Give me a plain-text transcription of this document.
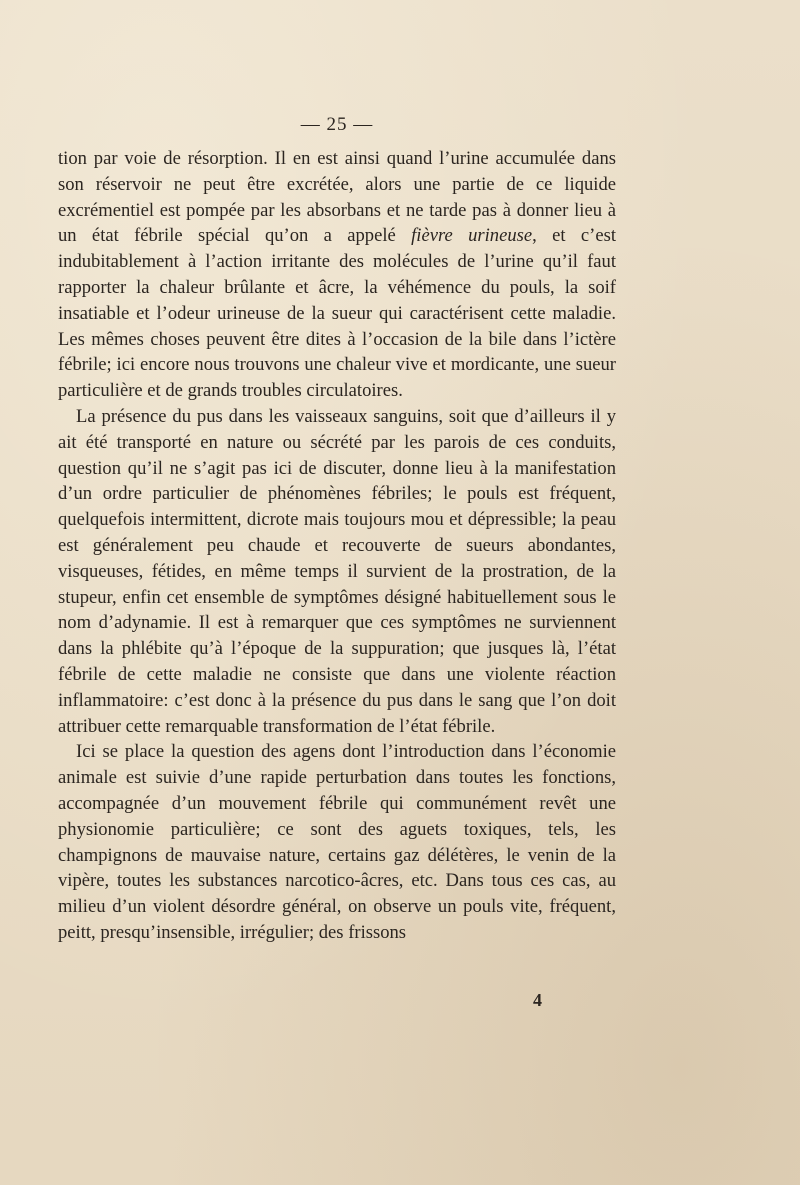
— 25 —

tion par voie de résorption. Il en est ainsi quand l’urine accumulée dans son réservoir ne peut être excrétée, alors une partie de ce liquide excrémentiel est pompée par les absorbans et ne tarde pas à donner lieu à un état fébrile spécial qu’on a appelé fièvre urineuse, et c’est indubitablement à l’action irritante des molécules de l’urine qu’il faut rapporter la chaleur brûlante et âcre, la véhémence du pouls, la soif insatiable et l’odeur urineuse de la sueur qui caractérisent cette maladie. Les mêmes choses peuvent être dites à l’occasion de la bile dans l’ictère fébrile; ici encore nous trouvons une chaleur vive et mordicante, une sueur particulière et de grands troubles circulatoires.

La présence du pus dans les vaisseaux sanguins, soit que d’ailleurs il y ait été transporté en nature ou sécrété par les parois de ces conduits, question qu’il ne s’agit pas ici de discuter, donne lieu à la manifestation d’un ordre particulier de phénomènes fébriles; le pouls est fréquent, quelquefois intermittent, dicrote mais toujours mou et dépressible; la peau est généralement peu chaude et recouverte de sueurs abondantes, visqueuses, fétides, en même temps il survient de la prostration, de la stupeur, enfin cet ensemble de symptômes désigné habituellement sous le nom d’adynamie. Il est à remarquer que ces symptômes ne surviennent dans la phlébite qu’à l’époque de la suppuration; que jusques là, l’état fébrile de cette maladie ne consiste que dans une violente réaction inflammatoire: c’est donc à la présence du pus dans le sang que l’on doit attribuer cette remarquable transformation de l’état fébrile.

Ici se place la question des agens dont l’introduction dans l’économie animale est suivie d’une rapide perturbation dans toutes les fonctions, accompagnée d’un mouvement fébrile qui communément revêt une physionomie particulière; ce sont des aguets toxiques, tels, les champignons de mauvaise nature, certains gaz délétères, le venin de la vipère, toutes les substances narcotico-âcres, etc. Dans tous ces cas, au milieu d’un violent désordre général, on observe un pouls vite, fréquent, peitt, presqu’insensible, irrégulier; des frissons

4
